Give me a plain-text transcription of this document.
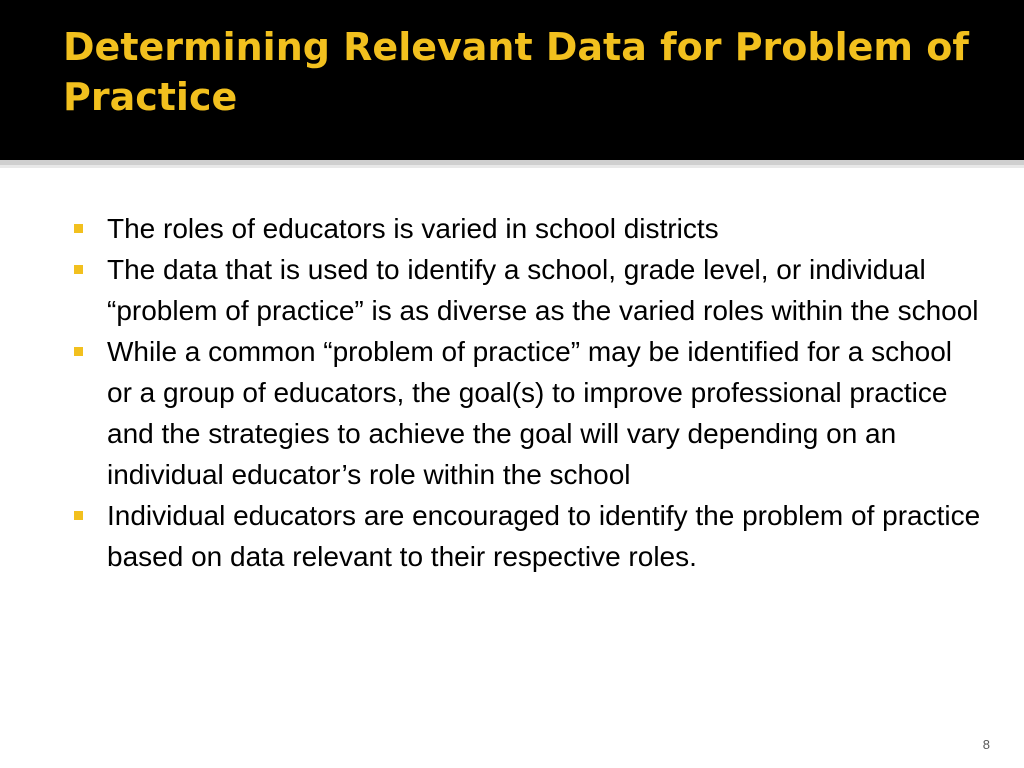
Determining Relevant Data for Problem of Practice
The roles of educators is varied in school districts
The data that is used to identify a school, grade level, or individual “problem of practice” is as diverse as the varied roles within the school
While a common “problem of practice” may be identified for a school or a group of educators, the goal(s) to improve professional practice and the strategies to achieve the goal will vary depending on an individual educator’s role within the school
Individual educators are encouraged to identify the problem of practice based on data relevant to their respective roles.
8
